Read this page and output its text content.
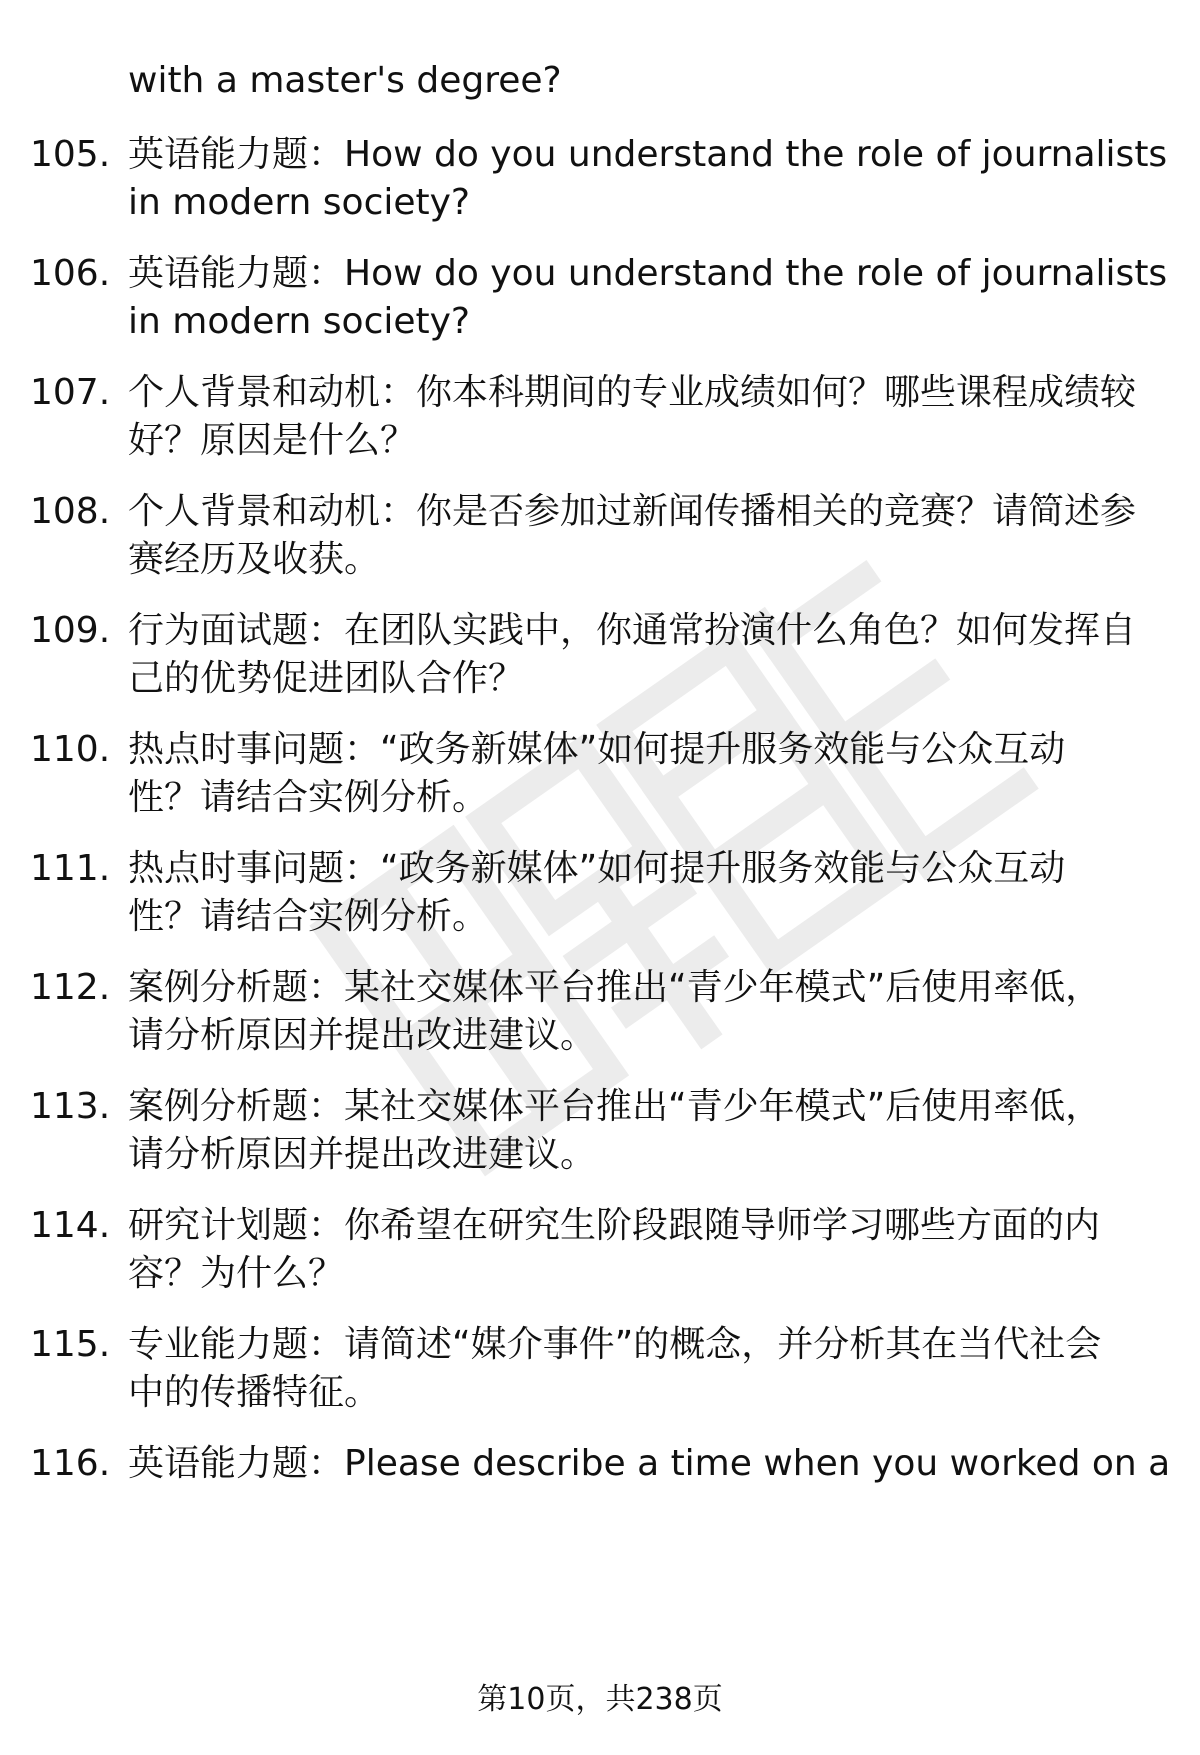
with a master's degree?
105. 英语能力题：How do you understand the role of journalists
in modern society?
106. 英语能力题：How do you understand the role of journalists
in modern society?
107. 个人背景和动机：你本科期间的专业成绩如何？哪些课程成绩较
好？原因是什么？
108. 个人背景和动机：你是否参加过新闻传播相关的竞赛？请简述参
赛经历及收获。
109. 行为面试题：在团队实践中，你通常扮演什么角色？如何发挥自
己的优势促进团队合作？
110. 热点时事问题：“政务新媒体”如何提升服务效能与公众互动
性？请结合实例分析。
111. 热点时事问题：“政务新媒体”如何提升服务效能与公众互动
性？请结合实例分析。
112. 案例分析题：某社交媒体平台推出“青少年模式”后使用率低，
请分析原因并提出改进建议。
113. 案例分析题：某社交媒体平台推出“青少年模式”后使用率低，
请分析原因并提出改进建议。
114. 研究计划题：你希望在研究生阶段跟随导师学习哪些方面的内
容？为什么？
115. 专业能力题：请简述“媒介事件”的概念，并分析其在当代社会
中的传播特征。
116. 英语能力题：Please describe a time when you worked on a
第10页，共238页
